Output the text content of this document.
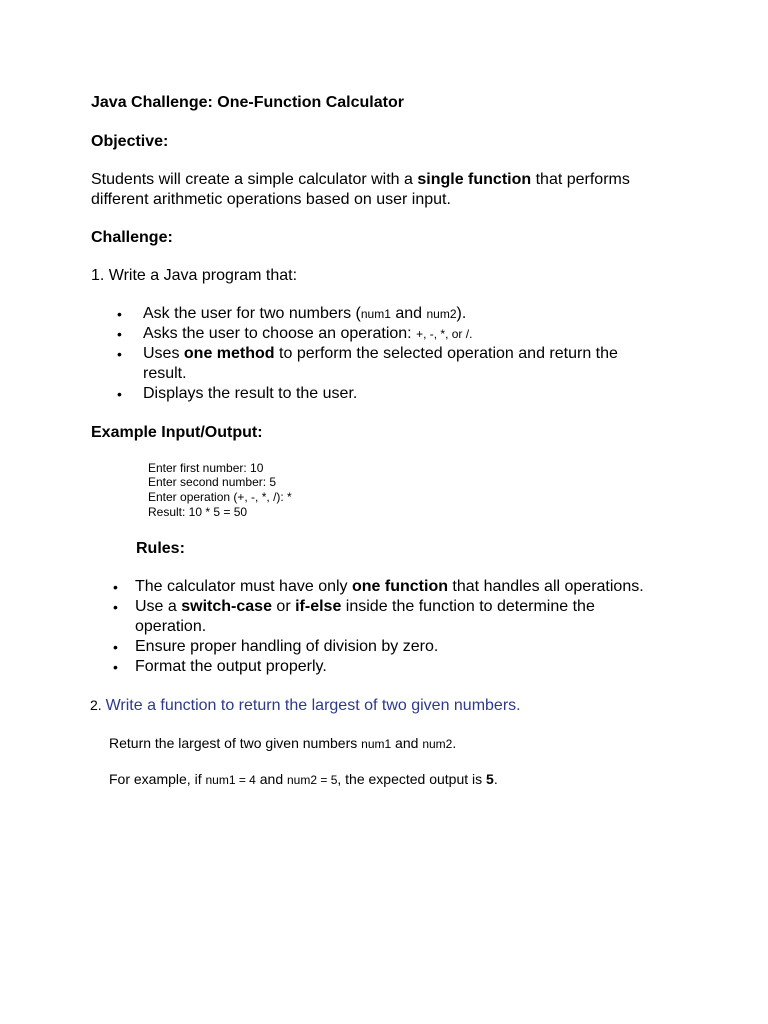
Java Challenge: One-Function Calculator
Objective:
Students will create a simple calculator with a single function that performs
different arithmetic operations based on user input.
Challenge:
1. Write a Java program that:
• Ask the user for two numbers (num1 and num2).
• Asks the user to choose an operation: +, -, *, or /.
• Uses one method to perform the selected operation and return the
result.
• Displays the result to the user.
Example Input/Output:
Enter first number: 10
Enter second number: 5
Enter operation (+, -, *, /): *
Result: 10 * 5 = 50
Rules:
• The calculator must have only one function that handles all operations.
• Use a switch-case or if-else inside the function to determine the
operation.
• Ensure proper handling of division by zero.
• Format the output properly.
2. Write a function to return the largest of two given numbers.
Return the largest of two given numbers num1 and num2.
For example, if num1 = 4 and num2 = 5, the expected output is 5.
